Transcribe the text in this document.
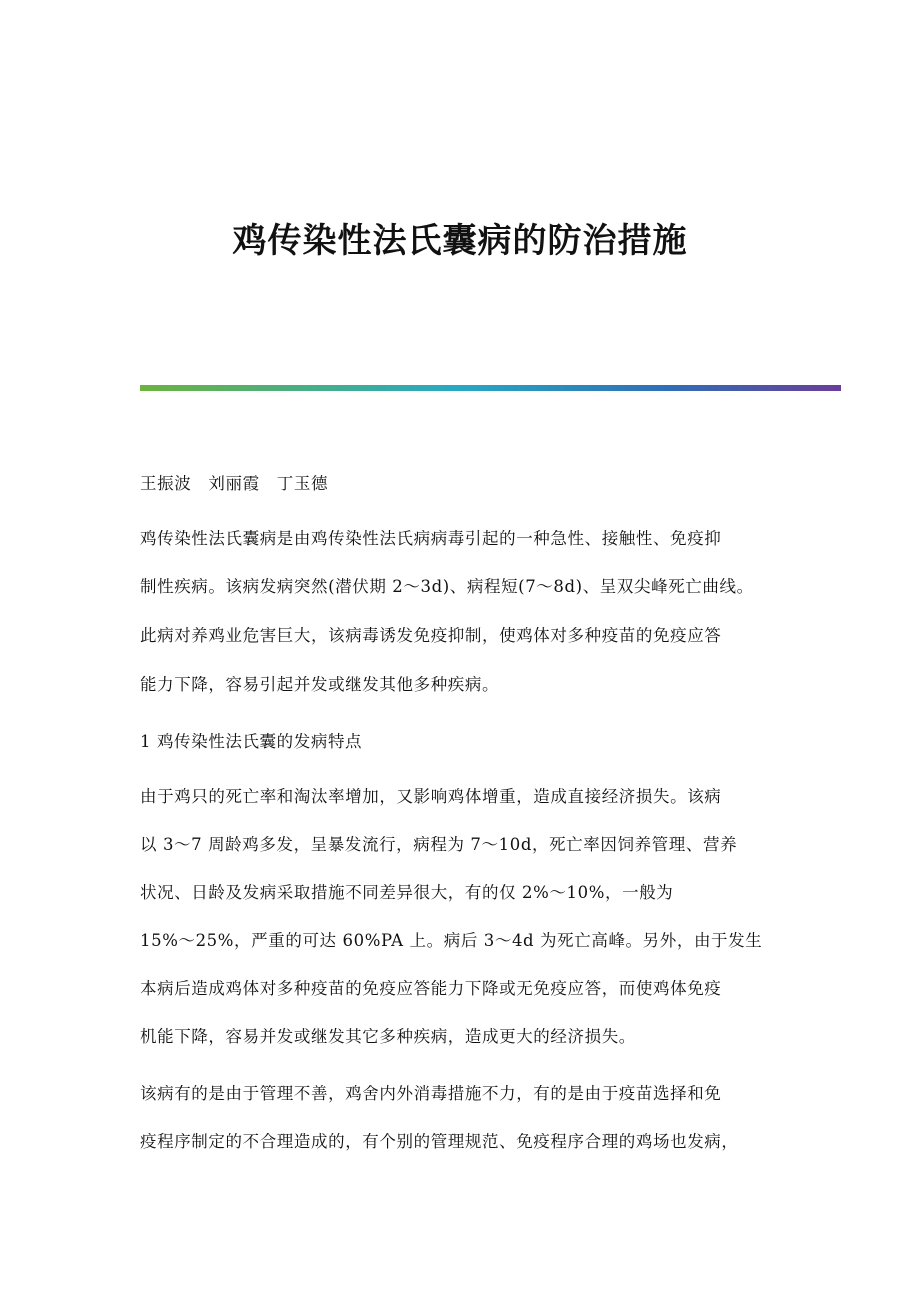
鸡传染性法氏囊病的防治措施
王振波　刘丽霞　丁玉德
鸡传染性法氏囊病是由鸡传染性法氏病病毒引起的一种急性、接触性、免疫抑
制性疾病。该病发病突然(潜伏期 2～3d)、病程短(7～8d)、呈双尖峰死亡曲线。
此病对养鸡业危害巨大，该病毒诱发免疫抑制，使鸡体对多种疫苗的免疫应答
能力下降，容易引起并发或继发其他多种疾病。
1 鸡传染性法氏囊的发病特点
由于鸡只的死亡率和淘汰率增加，又影响鸡体增重，造成直接经济损失。该病
以 3～7 周龄鸡多发，呈暴发流行，病程为 7～10d，死亡率因饲养管理、营养
状况、日龄及发病采取措施不同差异很大，有的仅 2%～10%，一般为
15%～25%，严重的可达 60%PA 上。病后 3～4d 为死亡高峰。另外，由于发生
本病后造成鸡体对多种疫苗的免疫应答能力下降或无免疫应答，而使鸡体免疫
机能下降，容易并发或继发其它多种疾病，造成更大的经济损失。
该病有的是由于管理不善，鸡舍内外消毒措施不力，有的是由于疫苗选择和免
疫程序制定的不合理造成的，有个别的管理规范、免疫程序合理的鸡场也发病，
